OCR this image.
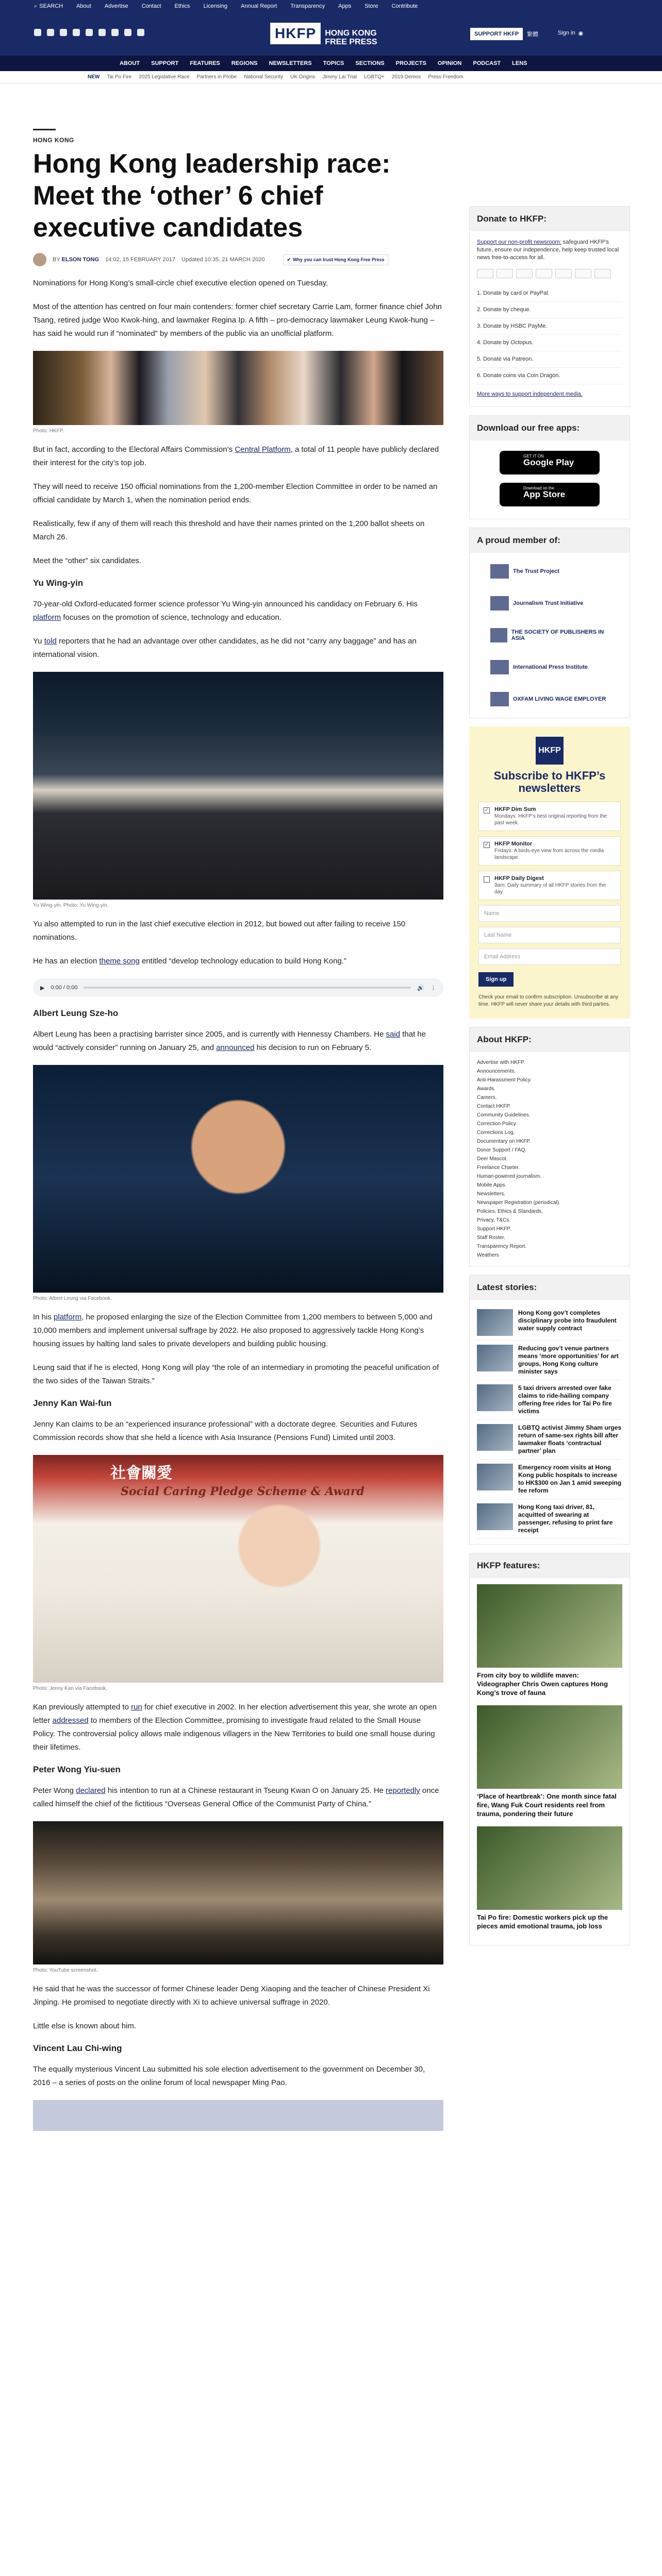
⌕ SEARCH About Advertise Contact Ethics Licensing Annual Report Transparency Apps Store Contribute
HKFP	HONG KONG
FREE PRESS
SUPPORT HKFP	繁體	Sign in ◉
ABOUT SUPPORT FEATURES REGIONS NEWSLETTERS TOPICS SECTIONS PROJECTS OPINION PODCAST LENS
NEW Tai Po Fire 2025 Legislative Race Partners in Probe National Security UK Origins Jimmy Lai Trial LGBTQ+ 2019 Demos Press Freedom
HONG KONG
Hong Kong leadership race: Meet the ‘other’ 6 chief executive candidates
BY ELSON TONG 14:02, 15 FEBRUARY 2017 Updated 10:35, 21 MARCH 2020	✔ Why you can trust Hong Kong Free Press

Nominations for Hong Kong’s small-circle chief executive election opened on Tuesday.

Most of the attention has centred on four main contenders: former chief secretary Carrie Lam, former finance chief John Tsang, retired judge Woo Kwok-hing, and lawmaker Regina Ip. A fifth – pro-democracy lawmaker Leung Kwok-hung – has said he would run if “nominated” by members of the public via an unofficial platform.

Photo: HKFP.

But in fact, according to the Electoral Affairs Commission’s Central Platform, a total of 11 people have publicly declared their interest for the city’s top job.

They will need to receive 150 official nominations from the 1,200-member Election Committee in order to be named an official candidate by March 1, when the nomination period ends.

Realistically, few if any of them will reach this threshold and have their names printed on the 1,200 ballot sheets on March 26.

Meet the “other” six candidates.

Yu Wing-yin

70-year-old Oxford-educated former science professor Yu Wing-yin announced his candidacy on February 6. His platform focuses on the promotion of science, technology and education.

Yu told reporters that he had an advantage over other candidates, as he did not “carry any baggage” and has an international vision.

Yu Wing-yin. Photo: Yu Wing-yin.

Yu also attempted to run in the last chief executive election in 2012, but bowed out after failing to receive 150 nominations.

He has an election theme song entitled “develop technology education to build Hong Kong.”

▶ 0:00 / 0:00	🔊 ⋮
Albert Leung Sze-ho

Albert Leung has been a practising barrister since 2005, and is currently with Hennessy Chambers. He said that he would “actively consider” running on January 25, and announced his decision to run on February 5.

Photo: Albert Leung via Facebook.

In his platform, he proposed enlarging the size of the Election Committee from 1,200 members to between 5,000 and 10,000 members and implement universal suffrage by 2022. He also proposed to aggressively tackle Hong Kong’s housing issues by halting land sales to private developers and building public housing.

Leung said that if he is elected, Hong Kong will play “the role of an intermediary in promoting the peaceful unification of the two sides of the Taiwan Straits.”

Jenny Kan Wai-fun

Jenny Kan claims to be an “experienced insurance professional” with a doctorate degree. Securities and Futures Commission records show that she held a licence with Asia Insurance (Pensions Fund) Limited until 2003.

社會關愛
Social Caring Pledge Scheme & Award
Photo: Jenny Kan via Facebook.

Kan previously attempted to run for chief executive in 2002. In her election advertisement this year, she wrote an open letter addressed to members of the Election Committee, promising to investigate fraud related to the Small House Policy. The controversial policy allows male indigenous villagers in the New Territories to build one small house during their lifetimes.

Peter Wong Yiu-suen

Peter Wong declared his intention to run at a Chinese restaurant in Tseung Kwan O on January 25. He reportedly once called himself the chief of the fictitious “Overseas General Office of the Communist Party of China.”

Photo: YouTube screenshot.

He said that he was the successor of former Chinese leader Deng Xiaoping and the teacher of Chinese President Xi Jinping. He promised to negotiate directly with Xi to achieve universal suffrage in 2020.

Little else is known about him.

Vincent Lau Chi-wing

The equally mysterious Vincent Lau submitted his sole election advertisement to the government on December 30, 2016 – a series of posts on the online forum of local newspaper Ming Pao.

Donate to HKFP:
Support our non-profit newsroom: safeguard HKFP’s future, ensure our independence, help keep trusted local news free-to-access for all.
1. Donate by card or PayPal.
2. Donate by cheque.
3. Donate by HSBC PayMe.
4. Donate by Octopus.
5. Donate via Patreon.
6. Donate coins via Coin Dragon.
More ways to support independent media.
Download our free apps:
GET IT ON
Google Play
Download on the
App Store
A proud member of:
The Trust Project
Journalism Trust Initiative
THE SOCIETY OF PUBLISHERS IN ASIA
International Press Institute
OXFAM LIVING WAGE EMPLOYER
HKFP
Subscribe to HKFP’s newsletters
✓ HKFP Dim Sum
Mondays: HKFP’s best original reporting from the past week.
✓ HKFP Monitor
Fridays: A birds-eye view from across the media landscape.
HKFP Daily Digest
9am: Daily summary of all HKFP stories from the day.
Name
Last Name
Email Address
Sign up
Check your email to confirm subscription. Unsubscribe at any time. HKFP will never share your details with third parties.
About HKFP:
Advertise with HKFP.
Announcements.
Anti-Harassment Policy.
Awards.
Careers.
Contact HKFP.
Community Guidelines.
Correction Policy.
Corrections Log.
Documentary on HKFP.
Donor Support / FAQ.
Deer Mascot.
Freelance Charter.
Human-powered journalism.
Mobile Apps.
Newsletters.
Newspaper Registration (periodical).
Policies, Ethics & Standards.
Privacy, T&Cs.
Support HKFP.
Staff Roster.
Transparency Report.
Weathers
Latest stories:
Hong Kong gov’t completes disciplinary probe into fraudulent water supply contract
Reducing gov’t venue partners means ‘more opportunities’ for art groups, Hong Kong culture minister says
5 taxi drivers arrested over fake claims to ride-hailing company offering free rides for Tai Po fire victims
LGBTQ activist Jimmy Sham urges return of same-sex rights bill after lawmaker floats ‘contractual partner’ plan
Emergency room visits at Hong Kong public hospitals to increase to HK$300 on Jan 1 amid sweeping fee reform
Hong Kong taxi driver, 81, acquitted of swearing at passenger, refusing to print fare receipt
HKFP features:
From city boy to wildlife maven: Videographer Chris Owen captures Hong Kong’s trove of fauna
‘Place of heartbreak’: One month since fatal fire, Wang Fuk Court residents reel from trauma, pondering their future
Tai Po fire: Domestic workers pick up the pieces amid emotional trauma, job loss
